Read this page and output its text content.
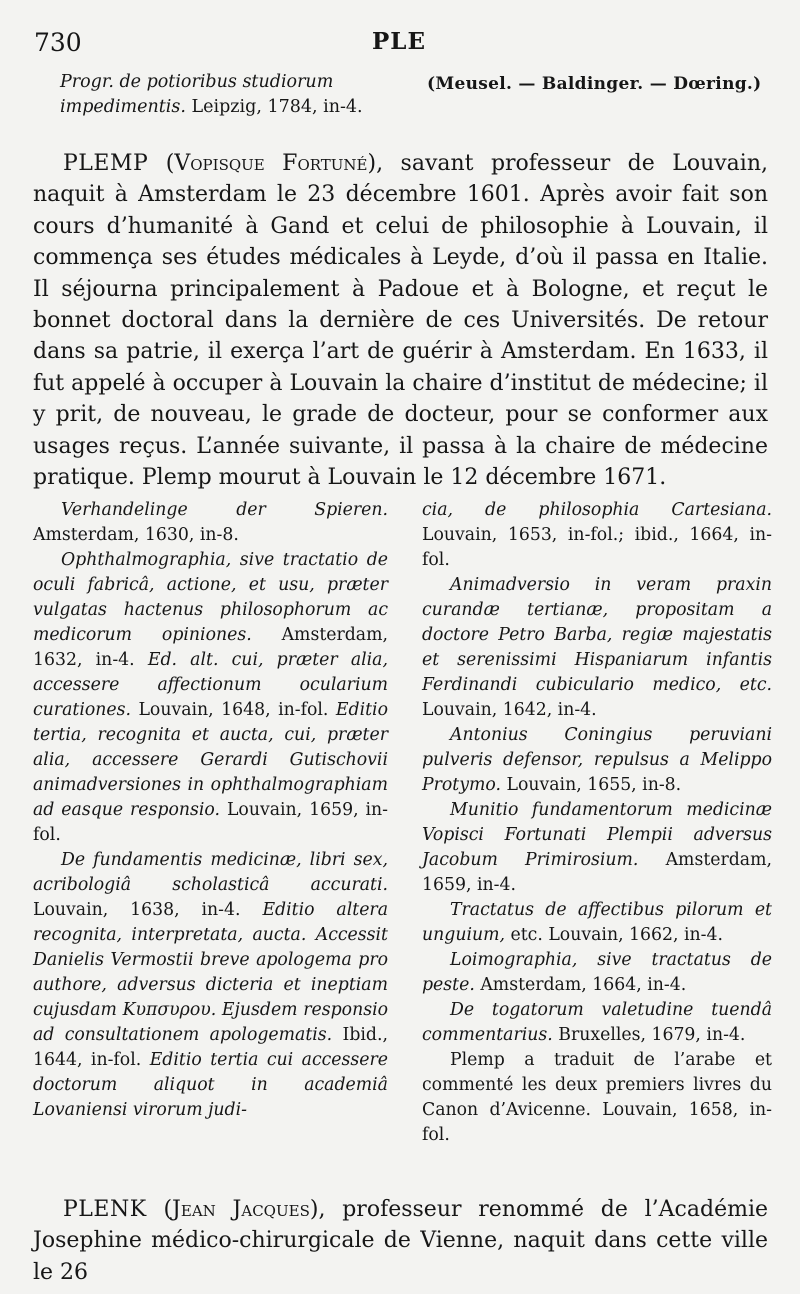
730	PLE
Progr. de potioribus studiorum impedimentis. Leipzig, 1784, in-4.
(Meusel. — Baldinger. — Dœring.)

PLEMP (Vopisque Fortuné), savant professeur de Louvain, naquit à Amsterdam le 23 décembre 1601. Après avoir fait son cours d’humanité à Gand et celui de philosophie à Louvain, il commença ses études médicales à Leyde, d’où il passa en Italie. Il séjourna principalement à Padoue et à Bologne, et reçut le bonnet doctoral dans la dernière de ces Universités. De retour dans sa patrie, il exerça l’art de guérir à Amsterdam. En 1633, il fut appelé à occuper à Louvain la chaire d’institut de médecine; il y prit, de nouveau, le grade de docteur, pour se conformer aux usages reçus. L’année suivante, il passa à la chaire de médecine pratique. Plemp mourut à Louvain le 12 décembre 1671.

Verhandelinge der Spieren. Amsterdam, 1630, in-8.

Ophthalmographia, sive tractatio de oculi fabricâ, actione, et usu, præter vulgatas hactenus philosophorum ac medicorum opiniones. Amsterdam, 1632, in-4. Ed. alt. cui, præter alia, accessere affectionum ocularium curationes. Louvain, 1648, in-fol. Editio tertia, recognita et aucta, cui, præter alia, accessere Gerardi Gutischovii animadversiones in ophthalmographiam ad easque responsio. Louvain, 1659, in-fol.

De fundamentis medicinæ, libri sex, acribologiâ scholasticâ accurati. Louvain, 1638, in-4. Editio altera recognita, interpretata, aucta. Accessit Danielis Vermostii breve apologema pro authore, adversus dicteria et ineptiam cujusdam Κυπσυρου. Ejusdem responsio ad consultationem apologematis. Ibid., 1644, in-fol. Editio tertia cui accessere doctorum aliquot in academiâ Lovaniensi virorum judi-

cia, de philosophia Cartesiana. Louvain, 1653, in-fol.; ibid., 1664, in-fol.

Animadversio in veram praxin curandæ tertianæ, propositam a doctore Petro Barba, regiæ majestatis et serenissimi Hispaniarum infantis Ferdinandi cubiculario medico, etc. Louvain, 1642, in-4.

Antonius Coningius peruviani pulveris defensor, repulsus a Melippo Protymo. Louvain, 1655, in-8.

Munitio fundamentorum medicinæ Vopisci Fortunati Plempii adversus Jacobum Primirosium. Amsterdam, 1659, in-4.

Tractatus de affectibus pilorum et unguium, etc. Louvain, 1662, in-4.

Loimographia, sive tractatus de peste. Amsterdam, 1664, in-4.

De togatorum valetudine tuendâ commentarius. Bruxelles, 1679, in-4.

Plemp a traduit de l’arabe et commenté les deux premiers livres du Canon d’Avicenne. Louvain, 1658, in-fol.

PLENK (Jean Jacques), professeur renommé de l’Académie Josephine médico-chirurgicale de Vienne, naquit dans cette ville le 26
